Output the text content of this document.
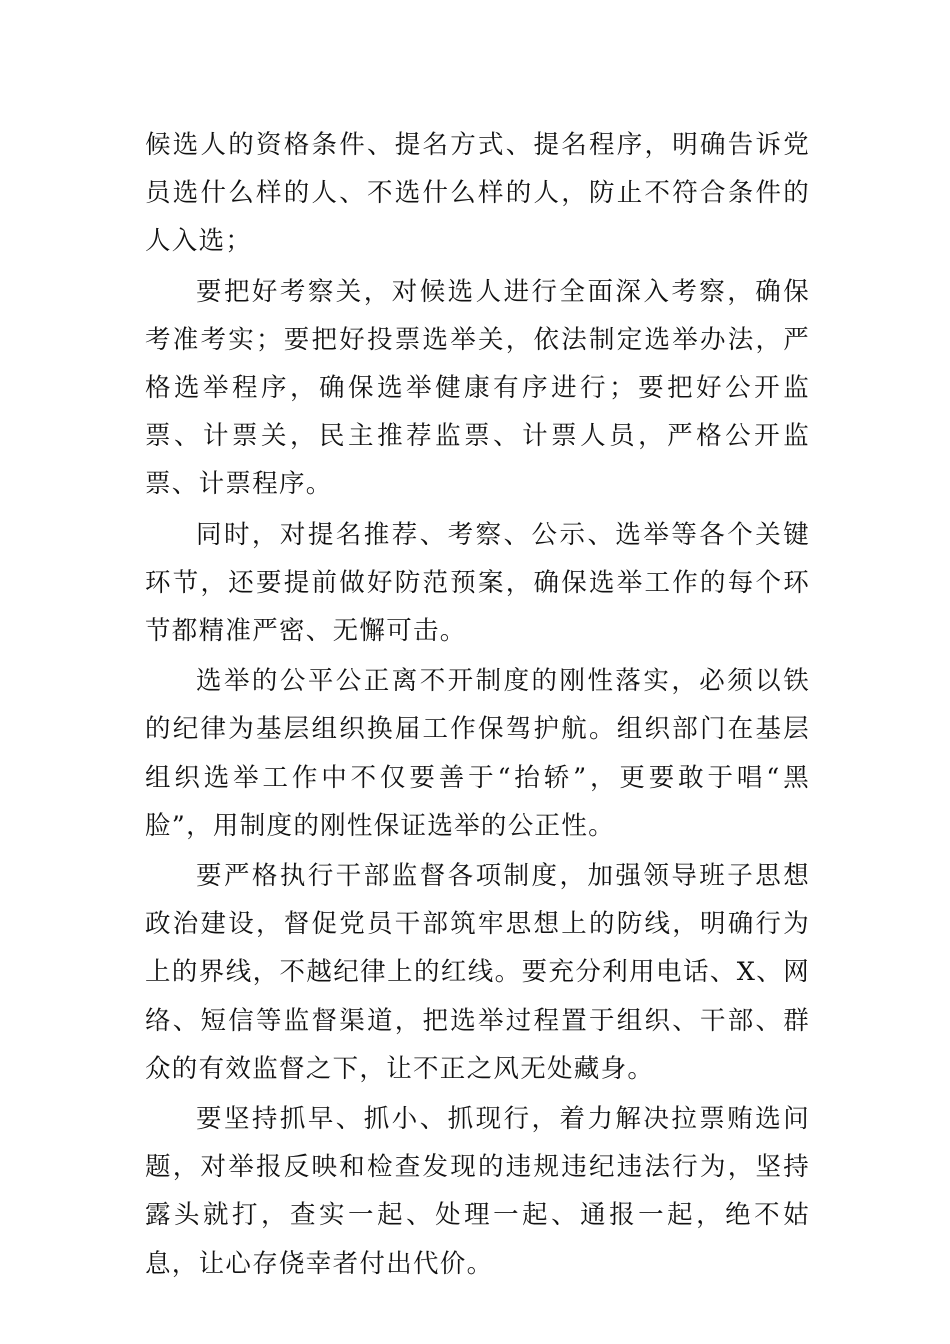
候选人的资格条件、提名方式、提名程序，明确告诉党员选什么样的人、不选什么样的人，防止不符合条件的人入选；

要把好考察关，对候选人进行全面深入考察，确保考准考实；要把好投票选举关，依法制定选举办法，严格选举程序，确保选举健康有序进行；要把好公开监票、计票关，民主推荐监票、计票人员，严格公开监票、计票程序。

同时，对提名推荐、考察、公示、选举等各个关键环节，还要提前做好防范预案，确保选举工作的每个环节都精准严密、无懈可击。

选举的公平公正离不开制度的刚性落实，必须以铁的纪律为基层组织换届工作保驾护航。组织部门在基层组织选举工作中不仅要善于“抬轿”，更要敢于唱“黑脸”，用制度的刚性保证选举的公正性。

要严格执行干部监督各项制度，加强领导班子思想政治建设，督促党员干部筑牢思想上的防线，明确行为上的界线，不越纪律上的红线。要充分利用电话、X、网络、短信等监督渠道，把选举过程置于组织、干部、群众的有效监督之下，让不正之风无处藏身。

要坚持抓早、抓小、抓现行，着力解决拉票贿选问题，对举报反映和检查发现的违规违纪违法行为，坚持露头就打，查实一起、处理一起、通报一起，绝不姑息，让心存侥幸者付出代价。
